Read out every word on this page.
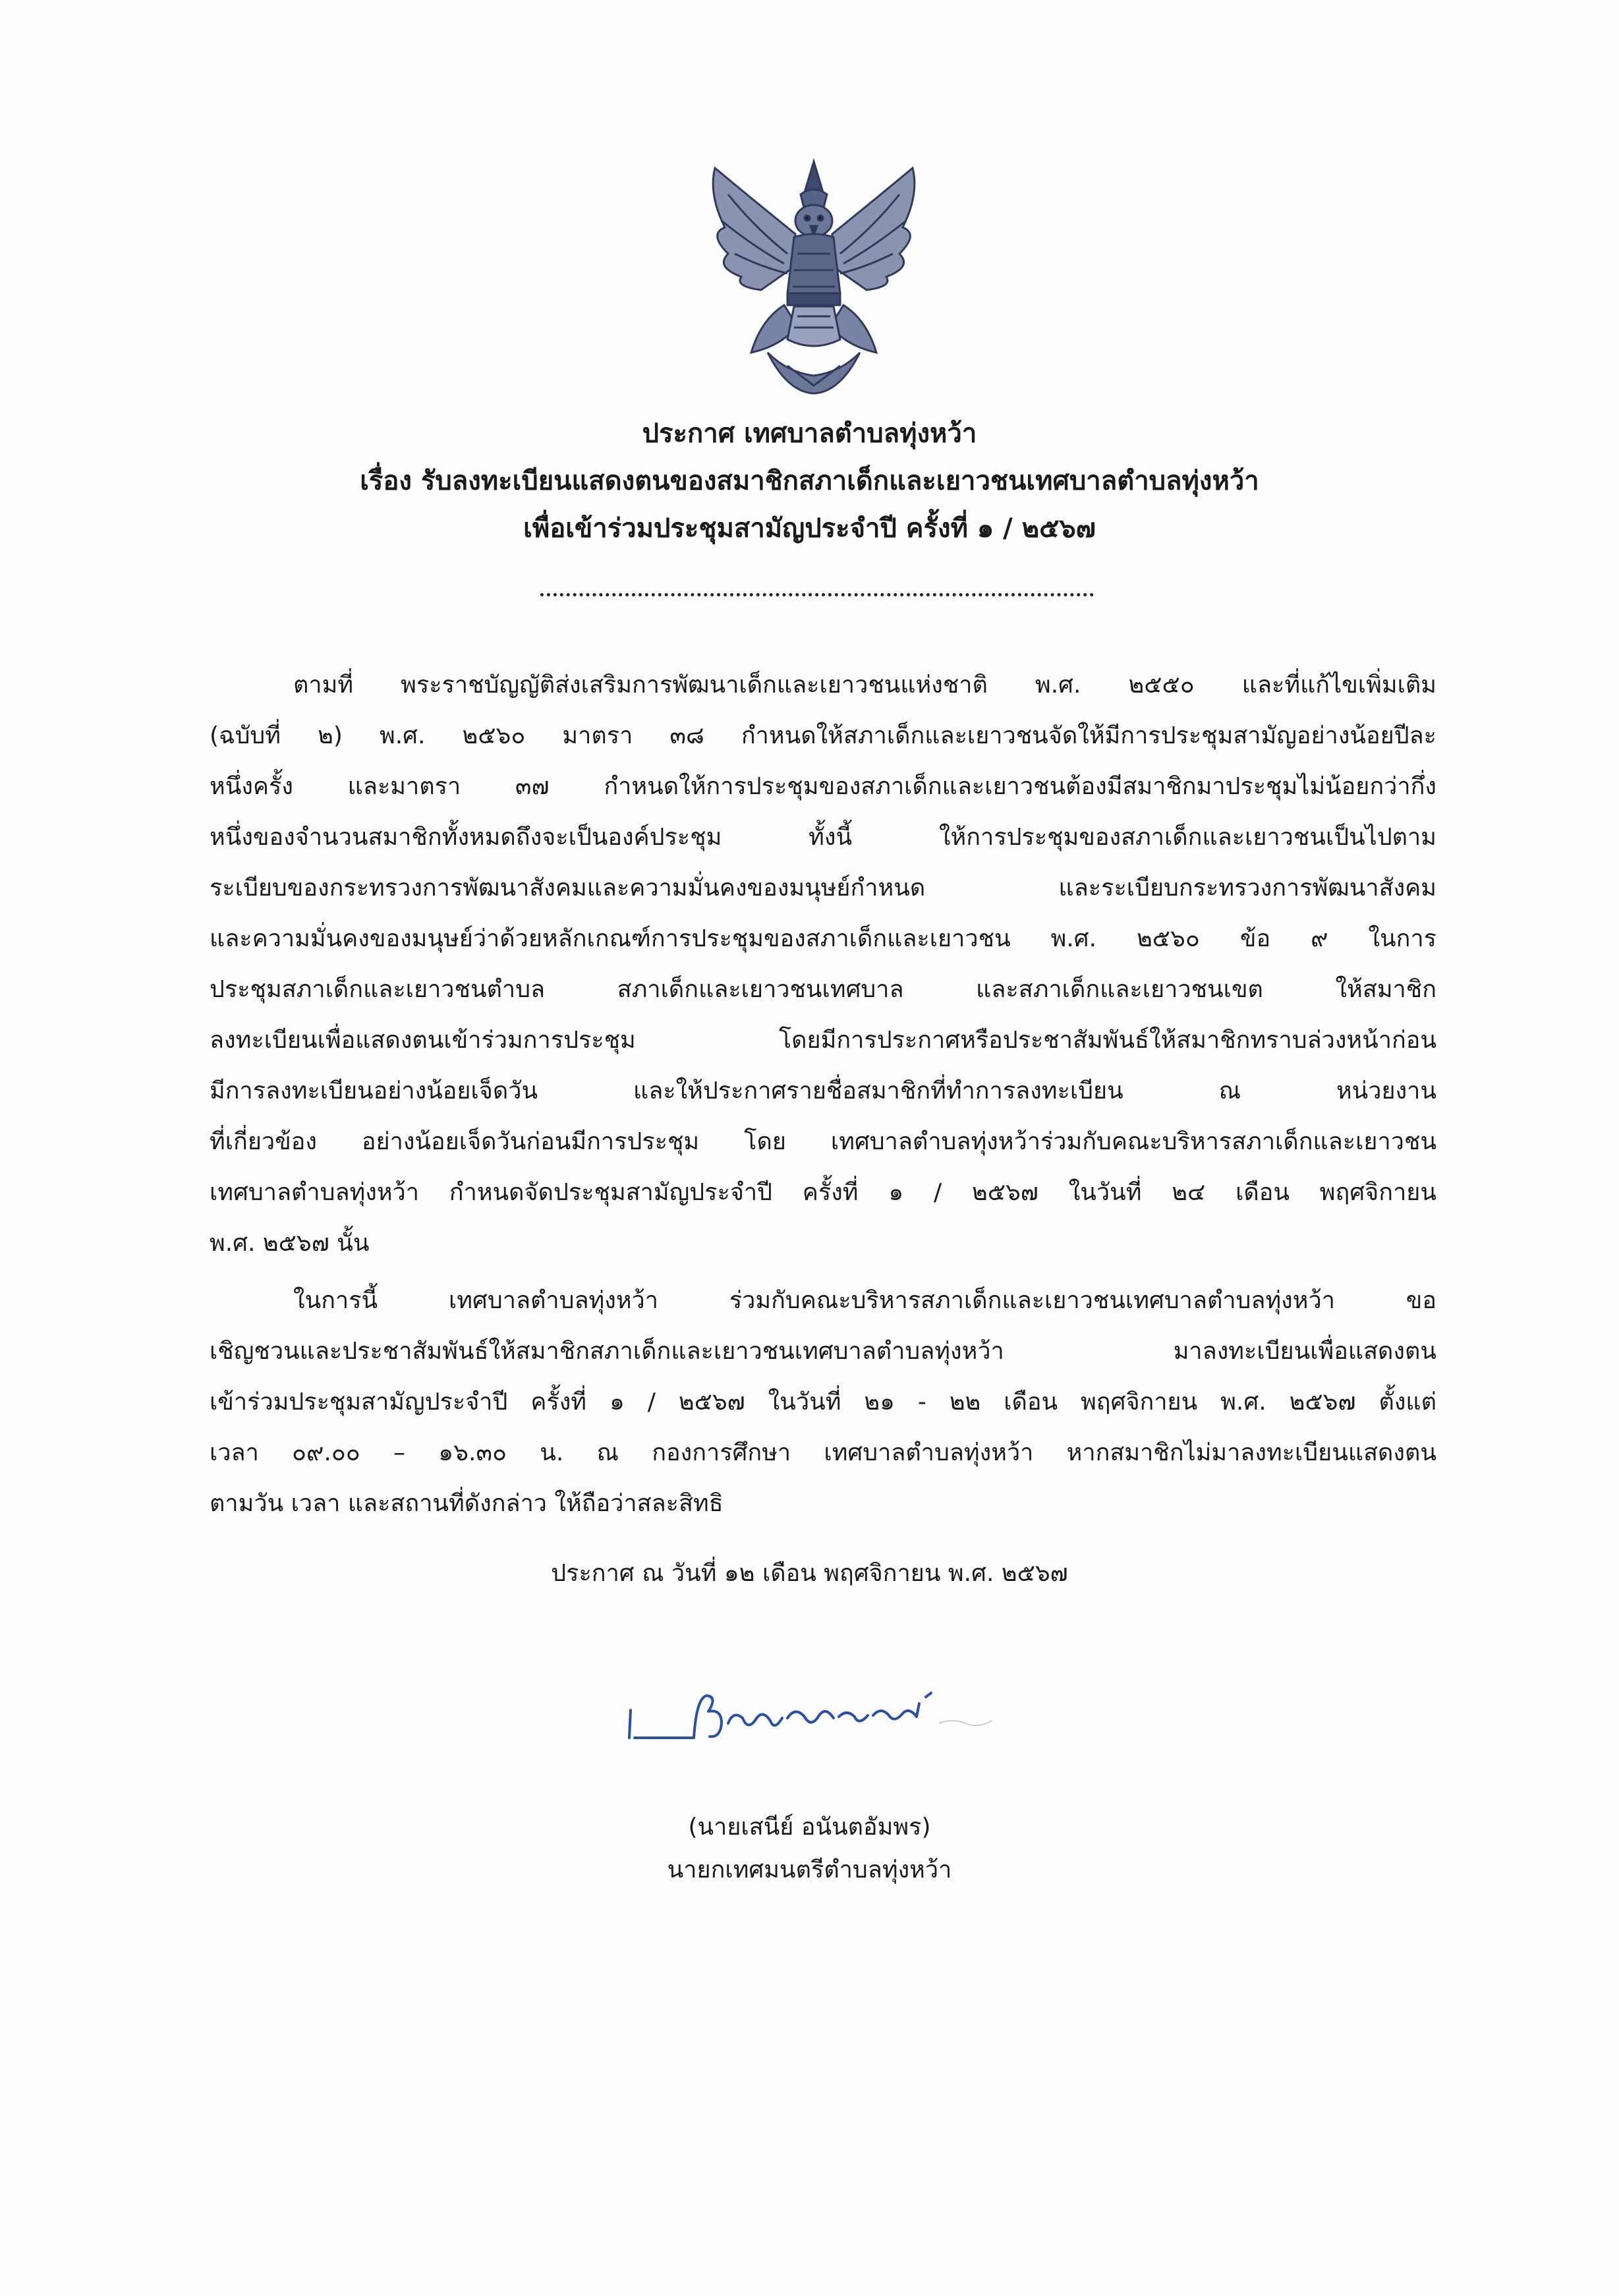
ประกาศ เทศบาลตำบลทุ่งหว้า
เรื่อง รับลงทะเบียนแสดงตนของสมาชิกสภาเด็กและเยาวชนเทศบาลตำบลทุ่งหว้า
เพื่อเข้าร่วมประชุมสามัญประจำปี ครั้งที่ ๑ / ๒๕๖๗
ตามที่ พระราชบัญญัติส่งเสริมการพัฒนาเด็กและเยาวชนแห่งชาติ พ.ศ. ๒๕๕๐ และที่แก้ไขเพิ่มเติม
(ฉบับที่ ๒) พ.ศ. ๒๕๖๐ มาตรา ๓๘ กำหนดให้สภาเด็กและเยาวชนจัดให้มีการประชุมสามัญอย่างน้อยปีละ
หนึ่งครั้ง และมาตรา ๓๗ กำหนดให้การประชุมของสภาเด็กและเยาวชนต้องมีสมาชิกมาประชุมไม่น้อยกว่ากึ่ง
หนึ่งของจำนวนสมาชิกทั้งหมดถึงจะเป็นองค์ประชุม ทั้งนี้ ให้การประชุมของสภาเด็กและเยาวชนเป็นไปตาม
ระเบียบของกระทรวงการพัฒนาสังคมและความมั่นคงของมนุษย์กำหนด และระเบียบกระทรวงการพัฒนาสังคม
และความมั่นคงของมนุษย์ว่าด้วยหลักเกณฑ์การประชุมของสภาเด็กและเยาวชน พ.ศ. ๒๕๖๐ ข้อ ๙ ในการ
ประชุมสภาเด็กและเยาวชนตำบล สภาเด็กและเยาวชนเทศบาล และสภาเด็กและเยาวชนเขต ให้สมาชิก
ลงทะเบียนเพื่อแสดงตนเข้าร่วมการประชุม โดยมีการประกาศหรือประชาสัมพันธ์ให้สมาชิกทราบล่วงหน้าก่อน
มีการลงทะเบียนอย่างน้อยเจ็ดวัน และให้ประกาศรายชื่อสมาชิกที่ทำการลงทะเบียน ณ หน่วยงาน
ที่เกี่ยวข้อง อย่างน้อยเจ็ดวันก่อนมีการประชุม โดย เทศบาลตำบลทุ่งหว้าร่วมกับคณะบริหารสภาเด็กและเยาวชน
เทศบาลตำบลทุ่งหว้า กำหนดจัดประชุมสามัญประจำปี ครั้งที่ ๑ / ๒๕๖๗ ในวันที่ ๒๔ เดือน พฤศจิกายน
พ.ศ. ๒๕๖๗ นั้น
ในการนี้ เทศบาลตำบลทุ่งหว้า ร่วมกับคณะบริหารสภาเด็กและเยาวชนเทศบาลตำบลทุ่งหว้า ขอ
เชิญชวนและประชาสัมพันธ์ให้สมาชิกสภาเด็กและเยาวชนเทศบาลตำบลทุ่งหว้า มาลงทะเบียนเพื่อแสดงตน
เข้าร่วมประชุมสามัญประจำปี ครั้งที่ ๑ / ๒๕๖๗ ในวันที่ ๒๑ - ๒๒ เดือน พฤศจิกายน พ.ศ. ๒๕๖๗ ตั้งแต่
เวลา ๐๙.๐๐ – ๑๖.๓๐ น. ณ กองการศึกษา เทศบาลตำบลทุ่งหว้า หากสมาชิกไม่มาลงทะเบียนแสดงตน
ตามวัน เวลา และสถานที่ดังกล่าว ให้ถือว่าสละสิทธิ
ประกาศ ณ วันที่ ๑๒ เดือน พฤศจิกายน พ.ศ. ๒๕๖๗
(นายเสนีย์ อนันตอัมพร)
นายกเทศมนตรีตำบลทุ่งหว้า
